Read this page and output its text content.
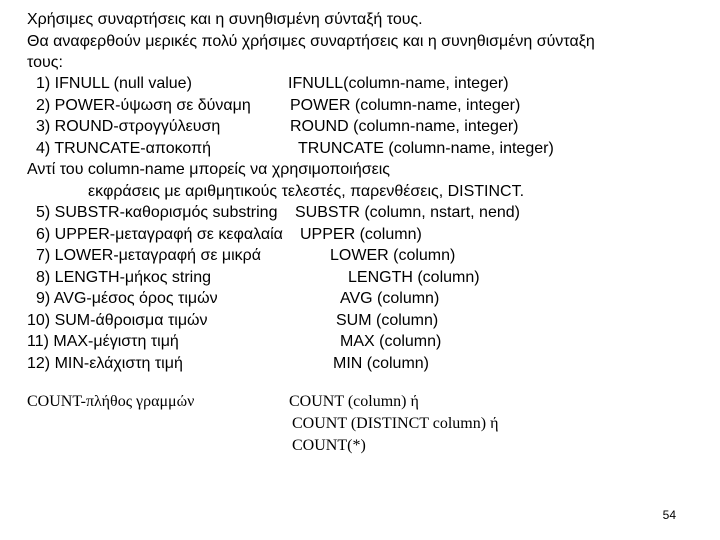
Χρήσιμες συναρτήσεις και η συνηθισμένη σύνταξή τους.
Θα αναφερθούν μερικές πολύ χρήσιμες συναρτήσεις και η συνηθισμένη σύνταξη
τους:
1) IFNULL (null value)	IFNULL(column-name, integer)
2) POWER-ύψωση σε δύναμη POWER (column-name, integer)
3) ROUND-στρογγύλευση	ROUND (column-name, integer)
4) TRUNCATE-αποκοπή	TRUNCATE (column-name, integer)
Αντί του column-name μπορείς να χρησιμοποιήσεις
εκφράσεις με αριθμητικούς τελεστές, παρενθέσεις, DISTINCT.
5) SUBSTR-καθορισμός substring SUBSTR (column, nstart, nend)
6) UPPER-μεταγραφή σε κεφαλαία UPPER (column)
7) LOWER-μεταγραφή σε μικρά	LOWER (column)
8) LENGTH-μήκος string	LENGTH (column)
9) AVG-μέσος όρος τιμών	AVG (column)
10) SUM-άθροισμα τιμών	SUM (column)
11) MAX-μέγιστη τιμή	MAX (column)
12) MIN-ελάχιστη τιμή	MIN (column)
COUNT-πλήθος γραμμών	COUNT (column) ή
COUNT (DISTINCT column) ή
COUNT(*)
54
